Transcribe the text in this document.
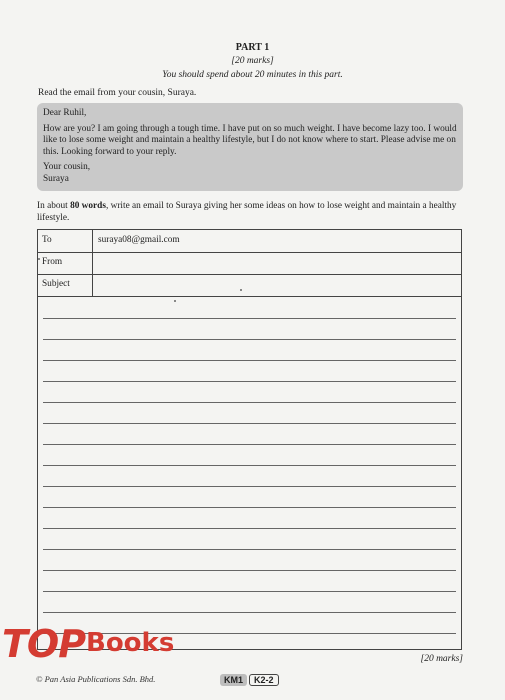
PART 1
[20 marks]
You should spend about 20 minutes in this part.
Read the email from your cousin, Suraya.

Dear Ruhil,

How are you? I am going through a tough time. I have put on so much weight. I have become lazy too. I would like to lose some weight and maintain a healthy lifestyle, but I do not know where to start. Please advise me on this. Looking forward to your reply.

Your cousin,

Suraya

In about 80 words, write an email to Suraya giving her some ideas on how to lose weight and maintain a healthy lifestyle.
To	suraya08@gmail.com
From
Subject
[20 marks]
TOP Books
© Pan Asia Publications Sdn. Bhd.	KM1 K2-2
